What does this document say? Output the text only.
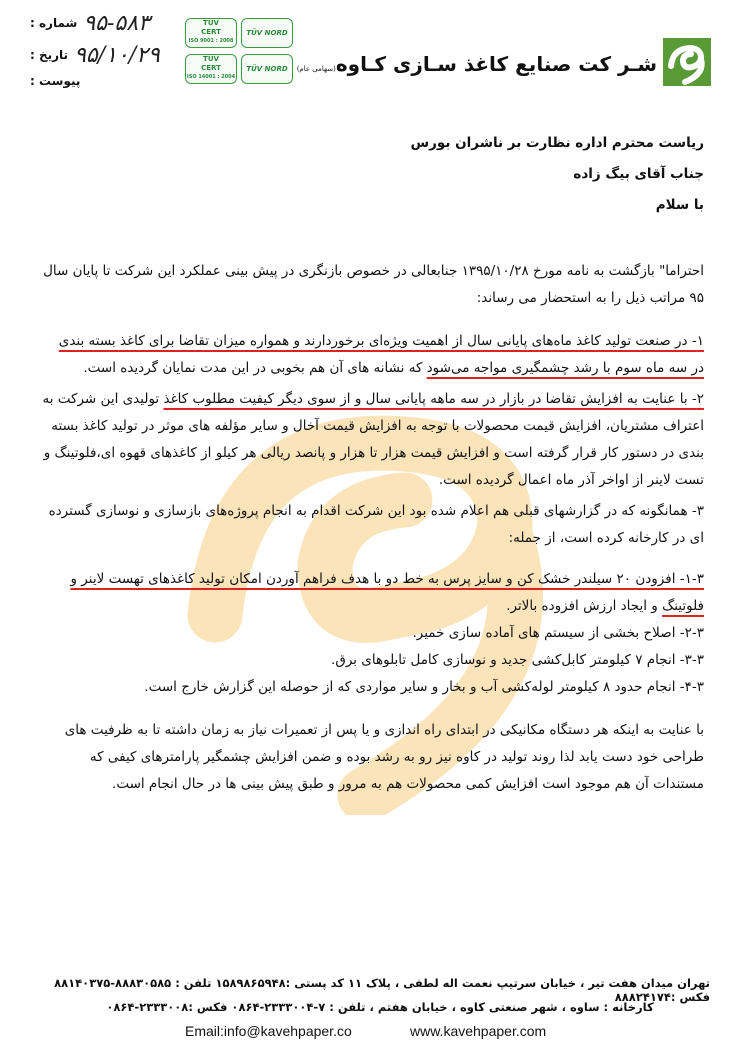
۹۵-۵۸۳
شماره :
۹۵/۱۰/۲۹
تاریخ :
پیوست :
TÜV
CERT
ISO 9001 : 2008
TÜV NORD
TÜV
CERT
ISO 14001 : 2004
TÜV NORD	شـر کت صنایع کاغذ سـازی کـاوه(سهامی عام)
ریاست محترم اداره نظارت بر ناشران بورس
جناب آقای بیگ زاده
با سلام

احتراما" بازگشت به نامه مورخ ۱۳۹۵/۱۰/۲۸ جنابعالی در خصوص بازنگری در پیش بینی عملکرد این شرکت تا پایان سال ۹۵ مراتب ذیل را به استحضار می رساند:

۱- در صنعت تولید کاغذ ماه‌های پایانی سال از اهمیت ویژه‌ای برخوردارند و همواره میزان تقاضا برای کاغذ بسته بندی در سه ماه سوم با رشد چشمگیری مواجه می‌شود که نشانه های آن هم بخوبی در این مدت نمایان گردیده است.

۲- با عنایت به افزایش تقاضا در بازار در سه ماهه پایانی سال و از سوی دیگر کیفیت مطلوب کاغذ تولیدی این شرکت به اعتراف مشتریان، افزایش قیمت محصولات با توجه به افزایش قیمت آخال و سایر مؤلفه های موثر در تولید کاغذ بسته بندی در دستور کار قرار گرفته است و افزایش قیمت هزار تا هزار و پانصد ریالی هر کیلو از کاغذهای قهوه ای،فلوتینگ و تست لاینر از اواخر آذر ماه اعمال گردیده است.

۳- همانگونه که در گزارشهای قبلی هم اعلام شده بود این شرکت اقدام به انجام پروژه‌های بازسازی و نوسازی گسترده ای در کارخانه کرده است، از جمله:

۱-۳- افزودن ۲۰ سیلندر خشک کن و سایز پرس به خط دو با هدف فراهم آوردن امکان تولید کاغذهای تهست لاینر و فلوتینگ و ایجاد ارزش افزوده بالاتر.

۲-۳- اصلاح بخشی از سیستم های آماده سازی خمیر.

۳-۳- انجام ۷ کیلومتر کابل‌کشی جدید و نوسازی کامل تابلوهای برق.

۴-۳- انجام حدود ۸ کیلومتر لوله‌کشی آب و بخار و سایر مواردی که از حوصله این گزارش خارج است.

با عنایت به اینکه هر دستگاه مکانیکی در ابتدای راه اندازی و یا پس از تعمیرات نیاز به زمان داشته تا به ظرفیت های طراحی خود دست یابد لذا روند تولید در کاوه نیز رو به رشد بوده و ضمن افزایش چشمگیر پارامترهای کیفی که مستندات آن هم موجود است افزایش کمی محصولات هم به مرور و طبق پیش بینی ها در حال انجام است.

تهران میدان هفت تیر ، خیابان سرتیپ نعمت اله لطفی ، پلاک ۱۱ کد پستی :۱۵۸۹۸۶۵۹۴۸ تلفن : ۸۸۸۳۰۵۸۵-۸۸۱۴۰۳۷۵ فکس :۸۸۸۲۴۱۷۴
کارخانه : ساوه ، شهر صنعتی کاوه ، خیابان هفتم ، تلفن : ۷-۲۳۳۳۰۰۴-۰۸۶۴ فکس :۲۳۳۳۰۰۸-۰۸۶۴
Email:info@kavehpaper.co	www.kavehpaper.com
